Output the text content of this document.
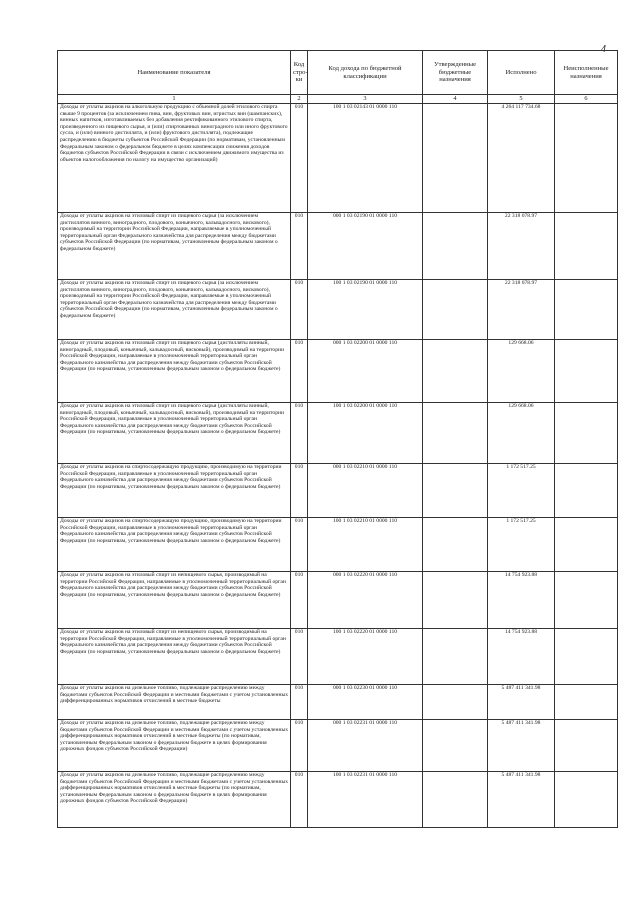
4
Наименование показателя	Код стро-ки	Код дохода по бюджетной классификации	Утвержденные бюджетные назначения	Исполнено	Неисполненные назначения
1	2	3	4	5	6

Доходы от уплаты акцизов на алкогольную продукцию с объемной долей этилового спирта свыше 9 процентов (за исключением пива, вин, фруктовых вин, игристых вин (шампанских), винных напитков, изготавливаемых без добавления ректификованного этилового спирта, произведенного из пищевого сырья, и (или) спиртованных виноградного или иного фруктового сусла, и (или) винного дистиллята, и (или) фруктового дистиллята), подлежащие распределению в бюджеты субъектов Российской Федерации (по нормативам, установленным Федеральным законом о федеральном бюджете в целях компенсации снижения доходов бюджетов субъектов Российской Федерации в связи с исключением движимого имущества из объектов налогообложения по налогу на имущество организаций)	010	100 1 03 02143 01 0000 110		4 264 117 734.68	

Доходы от уплаты акцизов на этиловый спирт из пищевого сырья (за исключением дистиллятов винного, виноградного, плодового, коньячного, кальвадосного, вискового), производимый на территории Российской Федерации, направляемые в уполномоченный территориальный орган Федерального казначейства для распределения между бюджетами субъектов Российской Федерации (по нормативам, установленным федеральным законом о федеральном бюджете)	010	000 1 03 02190 01 0000 110		22 318 078.97	

Доходы от уплаты акцизов на этиловый спирт из пищевого сырья (за исключением дистиллятов винного, виноградного, плодового, коньячного, кальвадосного, вискового), производимый на территории Российской Федерации, направляемые в уполномоченный территориальный орган Федерального казначейства для распределения между бюджетами субъектов Российской Федерации (по нормативам, установленным федеральным законом о федеральном бюджете)	010	100 1 03 02190 01 0000 110		22 318 078.97	

Доходы от уплаты акцизов на этиловый спирт из пищевого сырья (дистилляты винный, виноградный, плодовый, коньячный, кальвадосный, висковый), производимый на территории Российской Федерации, направляемые в уполномоченный территориальный орган Федерального казначейства для распределения между бюджетами субъектов Российской Федерации (по нормативам, установленным федеральным законом о федеральном бюджете)	010	000 1 03 02200 01 0000 110		129 668.06	

Доходы от уплаты акцизов на этиловый спирт из пищевого сырья (дистилляты винный, виноградный, плодовый, коньячный, кальвадосный, висковый), производимый на территории Российской Федерации, направляемые в уполномоченный территориальный орган Федерального казначейства для распределения между бюджетами субъектов Российской Федерации (по нормативам, установленным федеральным законом о федеральном бюджете)	010	100 1 03 02200 01 0000 110		129 668.06	

Доходы от уплаты акцизов на спиртосодержащую продукцию, производимую на территории Российской Федерации, направляемые в уполномоченный территориальный орган Федерального казначейства для распределения между бюджетами субъектов Российской Федерации (по нормативам, установленным федеральным законом о федеральном бюджете)	010	000 1 03 02210 01 0000 110		1 172 517.25	

Доходы от уплаты акцизов на спиртосодержащую продукцию, производимую на территории Российской Федерации, направляемые в уполномоченный территориальный орган Федерального казначейства для распределения между бюджетами субъектов Российской Федерации (по нормативам, установленным федеральным законом о федеральном бюджете)	010	100 1 03 02210 01 0000 110		1 172 517.25	

Доходы от уплаты акцизов на этиловый спирт из непищевого сырья, производимый на территории Российской Федерации, направляемые в уполномоченный территориальный орган Федерального казначейства для распределения между бюджетами субъектов Российской Федерации (по нормативам, установленным федеральным законом о федеральном бюджете)	010	000 1 03 02220 01 0000 110		14 754 923.88	

Доходы от уплаты акцизов на этиловый спирт из непищевого сырья, производимый на территории Российской Федерации, направляемые в уполномоченный территориальный орган Федерального казначейства для распределения между бюджетами субъектов Российской Федерации (по нормативам, установленным федеральным законом о федеральном бюджете)	010	100 1 03 02220 01 0000 110		14 754 923.88	

Доходы от уплаты акцизов на дизельное топливо, подлежащие распределению между бюджетами субъектов Российской Федерации и местными бюджетами с учетом установленных дифференцированных нормативов отчислений в местные бюджеты	010	000 1 03 02230 01 0000 110		5 487 411 341.98	

Доходы от уплаты акцизов на дизельное топливо, подлежащие распределению между бюджетами субъектов Российской Федерации и местными бюджетами с учетом установленных дифференцированных нормативов отчислений в местные бюджеты (по нормативам, установленным Федеральным законом о федеральном бюджете в целях формирования дорожных фондов субъектов Российской Федерации)	010	000 1 03 02231 01 0000 110		5 487 411 341.98	

Доходы от уплаты акцизов на дизельное топливо, подлежащие распределению между бюджетами субъектов Российской Федерации и местными бюджетами с учетом установленных дифференцированных нормативов отчислений в местные бюджеты (по нормативам, установленным Федеральным законом о федеральном бюджете в целях формирования дорожных фондов субъектов Российской Федерации)	010	100 1 03 02231 01 0000 110		5 487 411 341.98	
